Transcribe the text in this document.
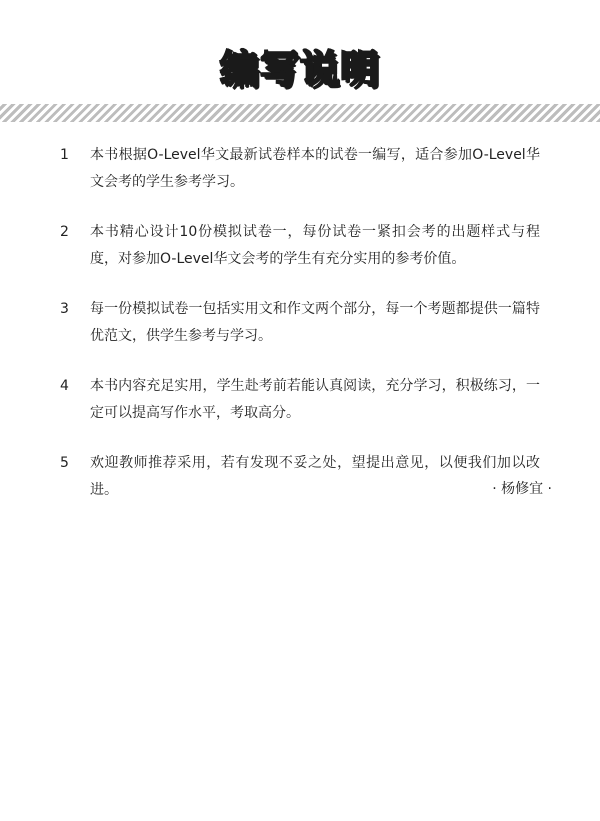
编写说明
1	本书根据O-Level华文最新试卷样本的试卷一编写，适合参加O-Level华文会考的学生参考学习。
2	本书精心设计10份模拟试卷一，每份试卷一紧扣会考的出题样式与程度，对参加O-Level华文会考的学生有充分实用的参考价值。
3	每一份模拟试卷一包括实用文和作文两个部分，每一个考题都提供一篇特优范文，供学生参考与学习。
4	本书内容充足实用，学生赴考前若能认真阅读，充分学习，积极练习，一定可以提高写作水平，考取高分。
5	欢迎教师推荐采用，若有发现不妥之处，望提出意见，以便我们加以改进。	· 杨修宜 ·
